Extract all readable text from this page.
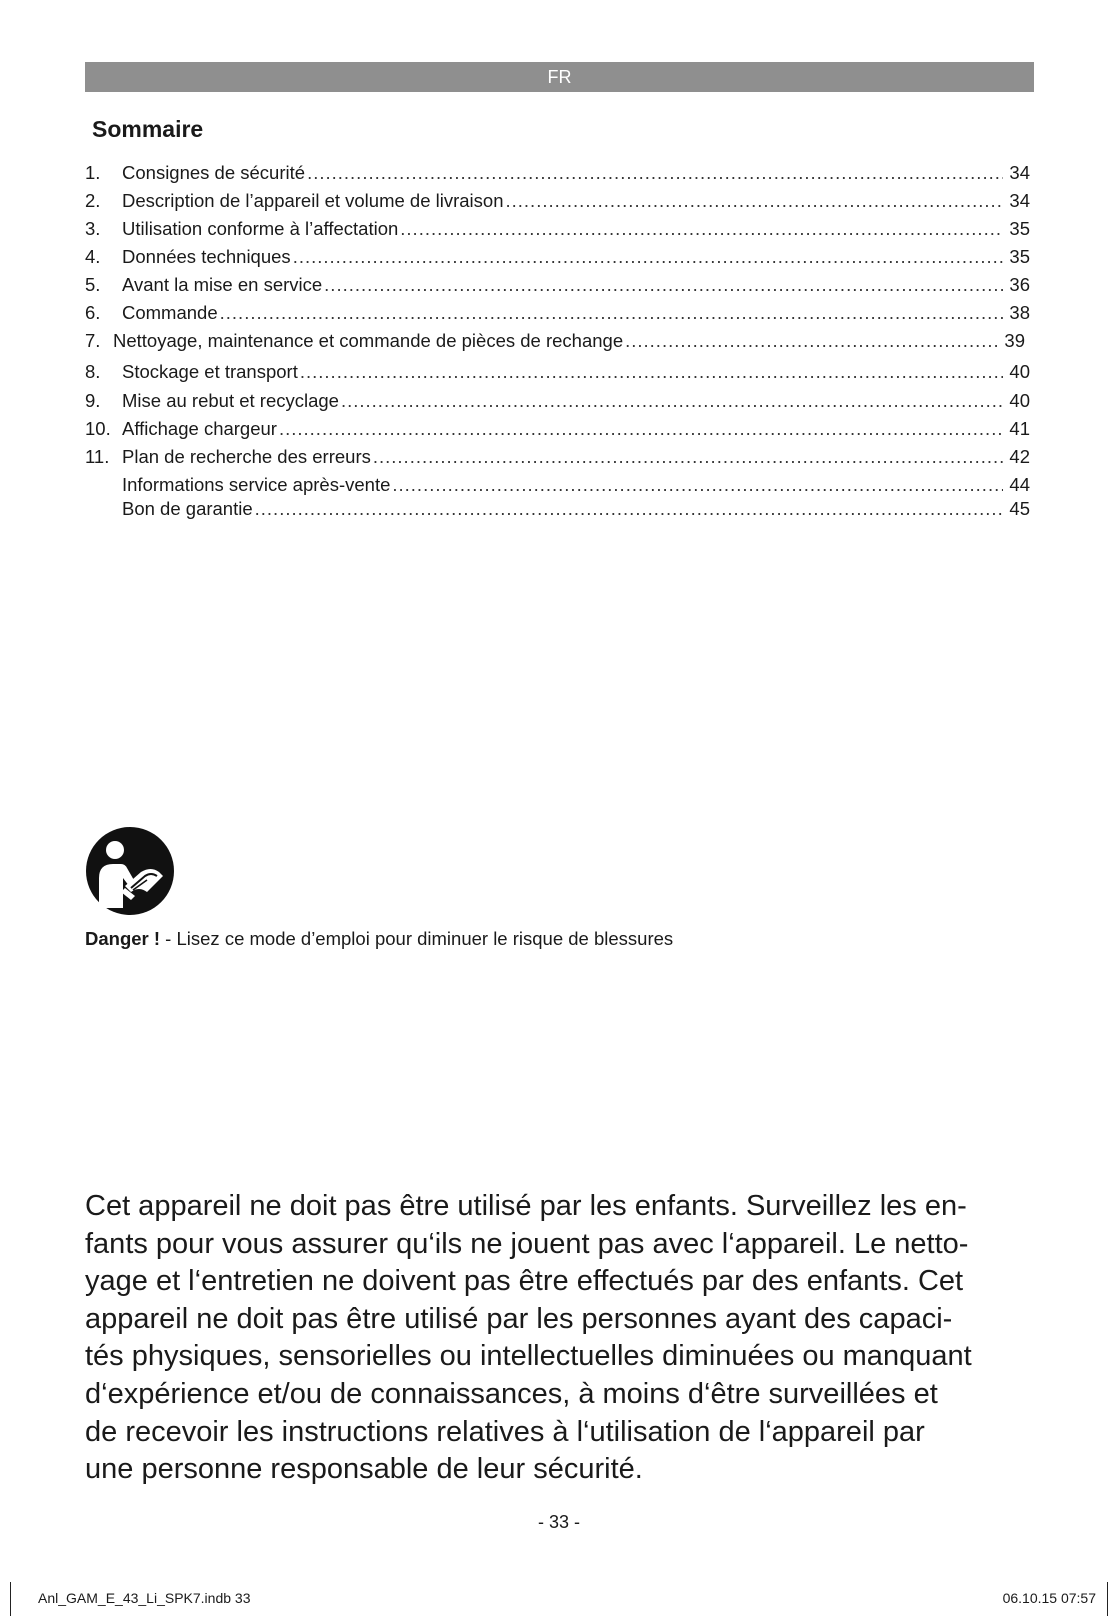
FR
Sommaire
1.	Consignes de sécurité .....	34
2.	Description de l’appareil et volume de livraison .....	34
3.	Utilisation conforme à l’affectation .....	35
4.	Données techniques .....	35
5.	Avant la mise en service .....	36
6.	Commande .....	38
7. Nettoyage, maintenance et commande de pièces de rechange .....	39
8.	Stockage et transport .....	40
9.	Mise au rebut et recyclage .....	40
10. Affichage chargeur .....	41
11. Plan de recherche des erreurs .....	42
Informations service après-vente .....	44
Bon de garantie .....	45
Danger ! - Lisez ce mode d’emploi pour diminuer le risque de blessures
Cet appareil ne doit pas être utilisé par les enfants. Surveillez les en-
fants pour vous assurer qu‘ils ne jouent pas avec l‘appareil. Le netto-
yage et l‘entretien ne doivent pas être effectués par des enfants. Cet
appareil ne doit pas être utilisé par les personnes ayant des capaci-
tés physiques, sensorielles ou intellectuelles diminuées ou manquant
d‘expérience et/ou de connaissances, à moins d‘être surveillées et
de recevoir les instructions relatives à l‘utilisation de l‘appareil par
une personne responsable de leur sécurité.
- 33 -
Anl_GAM_E_43_Li_SPK7.indb 33	06.10.15 07:57
